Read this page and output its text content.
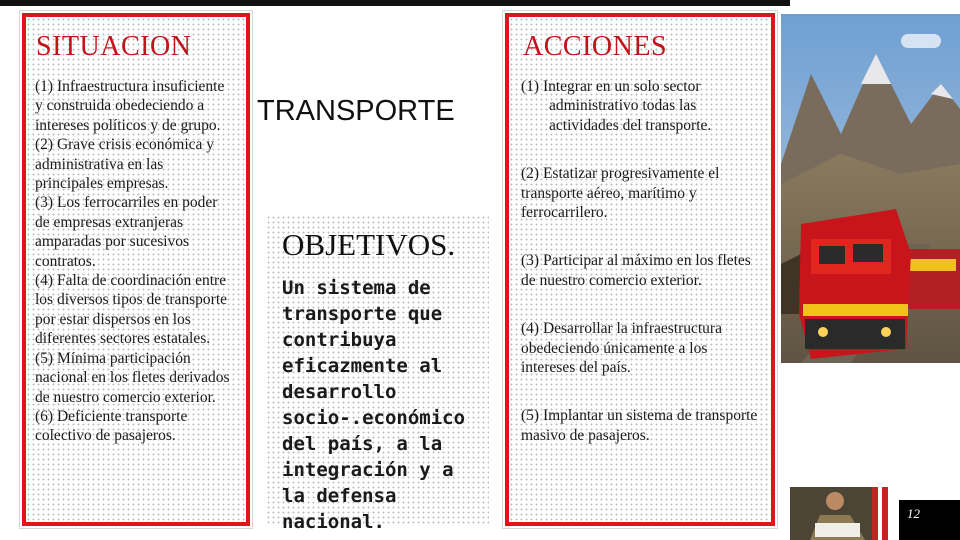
SITUACION
(1) Infraestructura insuficiente y construida obedeciendo a intereses políticos y de grupo.
(2) Grave crisis económica y administrativa en las principales empresas.
(3) Los ferrocarriles en poder de empresas extranjeras amparadas por sucesivos contratos.
(4) Falta de coordinación entre los diversos tipos de transporte por estar dispersos en los diferentes sectores estatales.
(5) Mínima participación nacional en los fletes derivados de nuestro comercio exterior.
(6) Deficiente transporte colectivo de pasajeros.
TRANSPORTE
OBJETIVOS.
Un sistema de transporte que contribuya eficazmente al desarrollo socio-.económico del país, a la integración y a la defensa nacional.
ACCIONES
(1) Integrar en un solo sector administrativo todas las actividades del transporte.
(2) Estatizar progresivamente el transporte aéreo, marítimo y ferrocarrilero.
(3) Participar al máximo en los fletes de nuestro comercio exterior.
(4) Desarrollar la infraestructura obedeciendo únicamente a los intereses del país.
(5) Implantar un sistema de transporte masivo de pasajeros.
12
